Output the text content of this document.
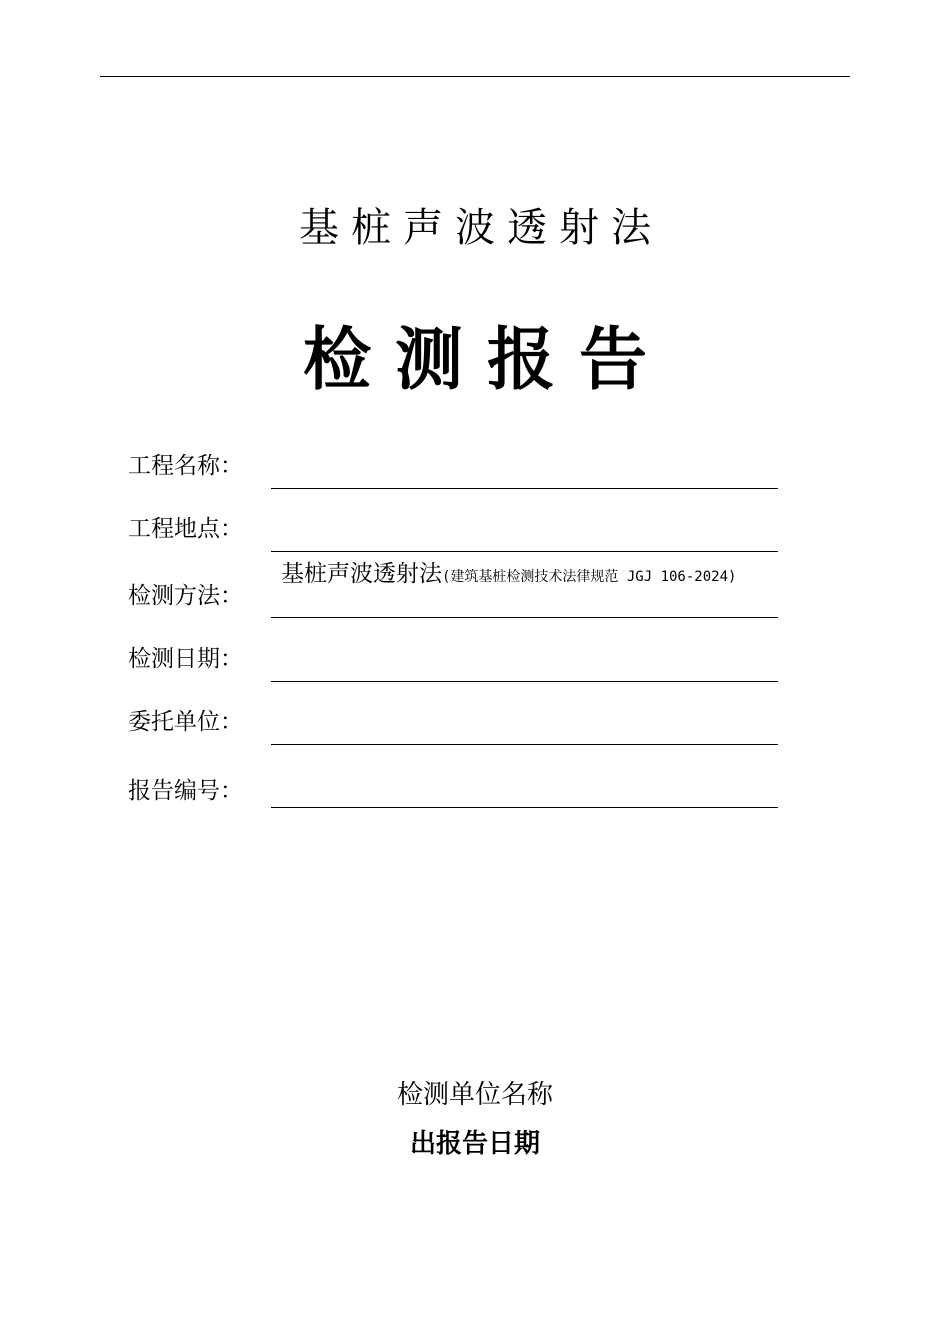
基桩声波透射法
检测报告
工程名称：
工程地点：
检测方法：
基桩声波透射法(建筑基桩检测技术法律规范 JGJ 106-2024)
检测日期：
委托单位：
报告编号：
检测单位名称
出报告日期
